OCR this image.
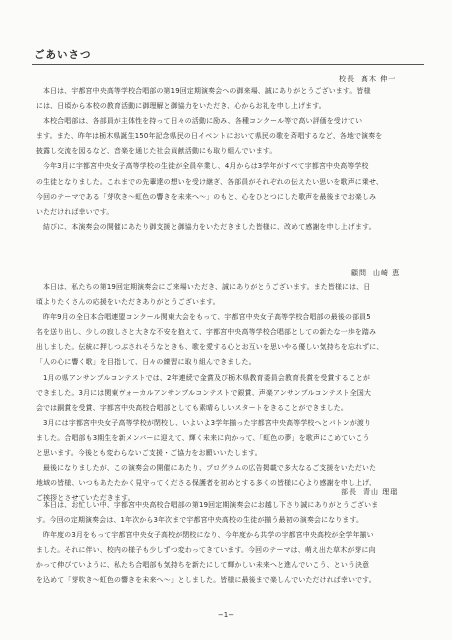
ごあいさつ
校長 髙木 伸一

本日は、宇都宮中央高等学校合唱部の第19回定期演奏会への御来場、誠にありがとうございます。皆様

には、日頃から本校の教育活動に御理解と御協力をいただき、心からお礼を申し上げます。

本校合唱部は、各部員が主体性を持って日々の活動に励み、各種コンクール等で高い評価を受けてい

ます。また、昨年は栃木県誕生150年記念県民の日イベントにおいて県民の歌を斉唱するなど、各地で演奏を

披露し交流を図るなど、音楽を通じた社会貢献活動にも取り組んでいます。

今年3月に宇都宮中央女子高等学校の生徒が全員卒業し、4月からは3学年がすべて宇都宮中央高等学校

の生徒となりました。これまでの先輩達の想いを受け継ぎ、各部員がそれぞれの伝えたい思いを歌声に乗せ、

今回のテーマである「芽吹き～虹色の響きを未来へ～」のもと、心をひとつにした歌声を最後までお楽しみ

いただければ幸いです。

結びに、本演奏会の開催にあたり御支援と御協力をいただきました皆様に、改めて感謝を申し上げます。

顧問 山崎 恵

本日は、私たちの第19回定期演奏会にご来場いただき、誠にありがとうございます。また皆様には、日

頃よりたくさんの応援をいただきありがとうございます。

昨年9月の全日本合唱連盟コンクール関東大会をもって、宇都宮中央女子高等学校合唱部の最後の部員5

名を送り出し、少しの寂しさと大きな不安を抱えて、宇都宮中央高等学校合唱部としての新たな一歩を踏み

出しました。伝統に押しつぶされそうなときも、歌を愛する心とお互いを思いやる優しい気持ちを忘れずに、

「人の心に響く歌」を目指して、日々の練習に取り組んできました。

1月の県アンサンブルコンテストでは、2年連続で金賞及び栃木県教育委員会教育長賞を受賞することが

できました。3月には関東ヴォーカルアンサンブルコンテストで銀賞、声楽アンサンブルコンテスト全国大

会では銅賞を受賞、宇都宮中央高校合唱部としても素晴らしいスタートをきることができました。

3月には宇都宮中央女子高等学校が閉校し、いよいよ3学年揃った宇都宮中央高等学校へとバトンが渡り

ました。合唱部も3期生を新メンバーに迎えて、輝く未来に向かって、「虹色の夢」を歌声にこめていこう

と思います。今後とも変わらないご支援・ご協力をお願いいたします。

最後になりましたが、この演奏会の開催にあたり、プログラムの広告掲載で多大なるご支援をいただいた

地域の皆様、いつもあたたかく見守ってくださる保護者を初めとする多くの皆様に心より感謝を申し上げ、

ご挨拶とさせていただきます。

部長 青山 理瑠

本日は、お忙しい中、宇都宮中央高校合唱部の第19回定期演奏会にお越し下さり誠にありがとうございま

す。今回の定期演奏会は、1年次から3年次まで宇都宮中央高校の生徒が揃う最初の演奏会になります。

昨年度の3月をもって宇都宮中央女子高校が閉校になり、今年度から共学の宇都宮中央高校が全学年揃い

ました。それに伴い、校内の様子も少しずつ変わってきています。今回のテーマは、萌え出た草木が芽に向

かって伸びていように、私たち合唱部も気持ちを新たにして輝かしい未来へと進んでいこう、という決意

を込めて「芽吹き～虹色の響きを未来へ～」としました。皆様に最後まで楽しんでいただければ幸いです。

−1−
